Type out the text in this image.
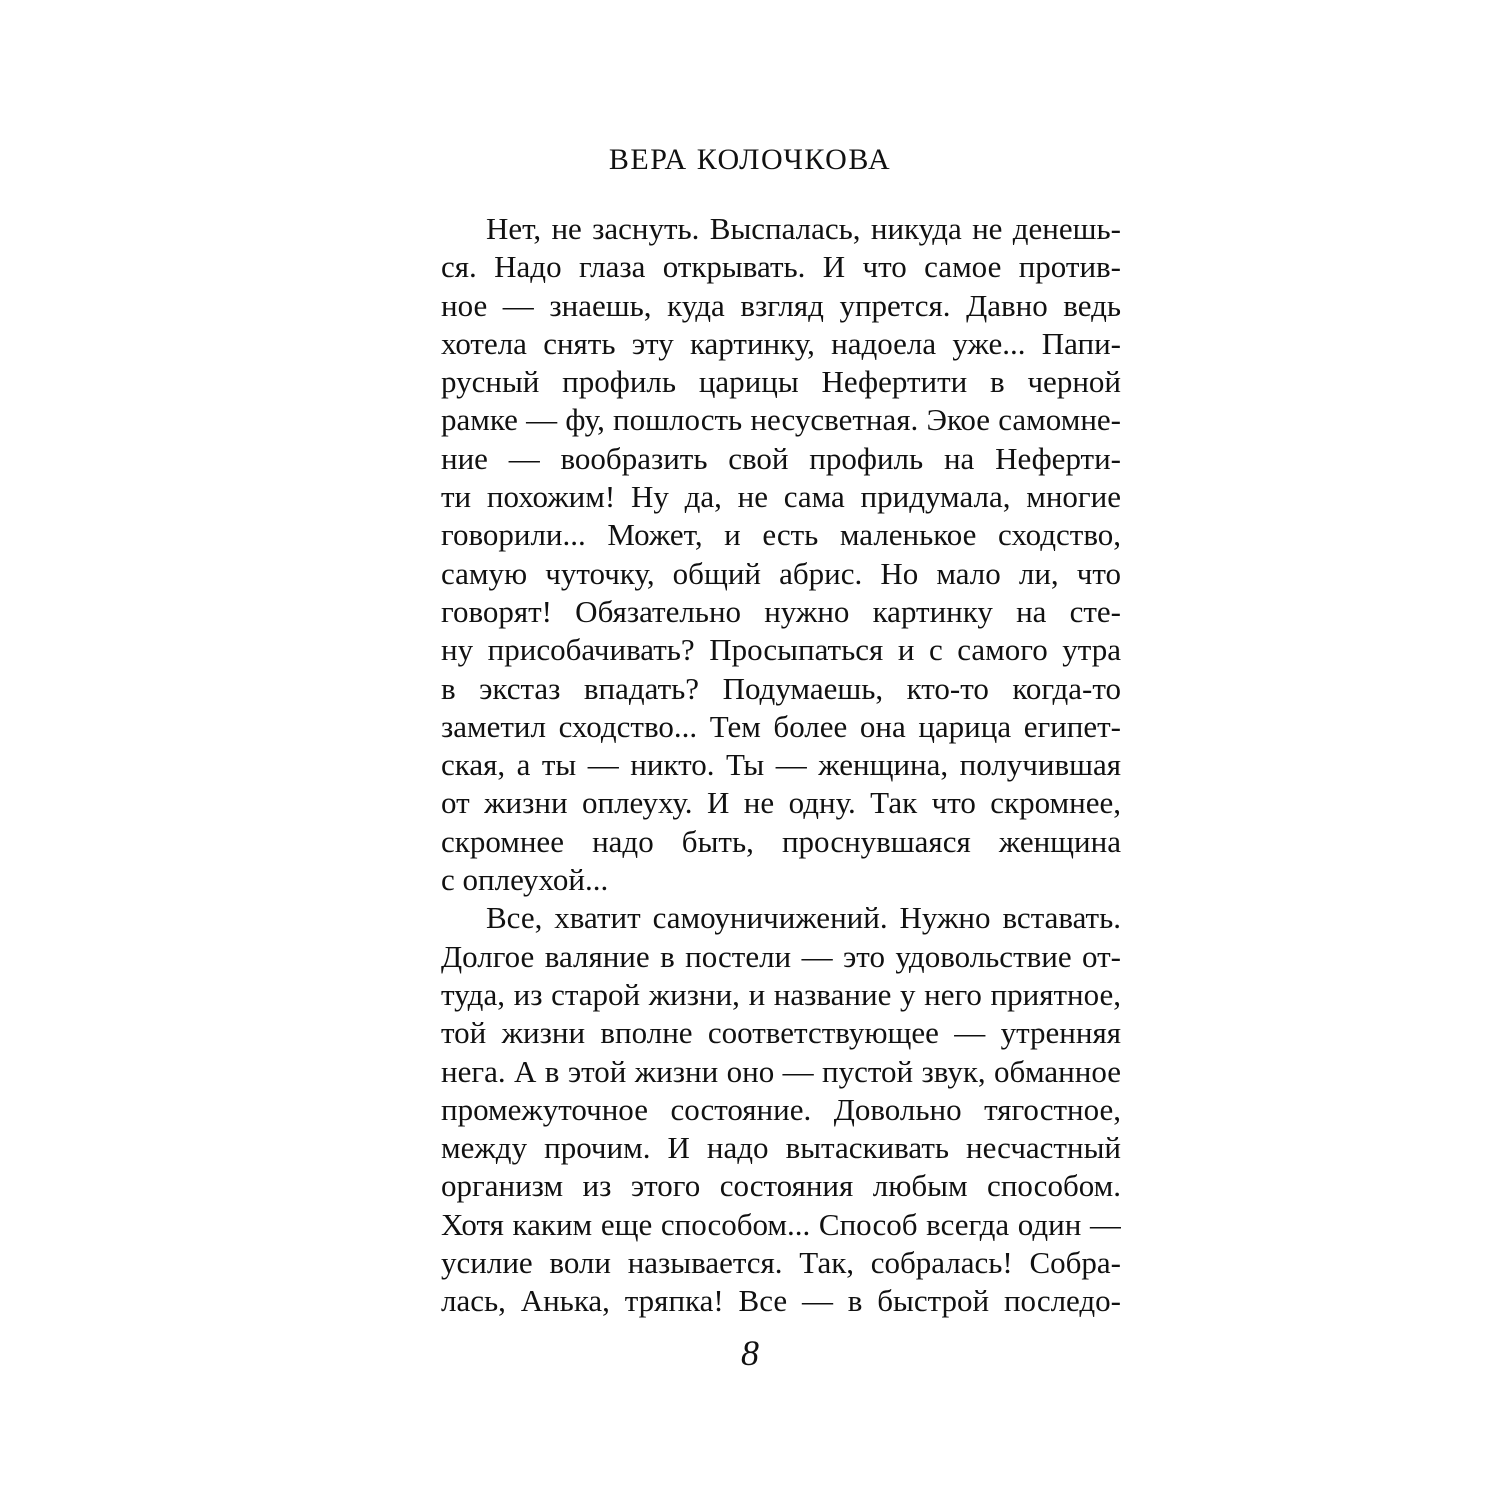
ВЕРА КОЛОЧКОВА
Нет, не заснуть. Выспалась, никуда не денешь-
ся. Надо глаза открывать. И что самое против-
ное — знаешь, куда взгляд упрется. Давно ведь
хотела снять эту картинку, надоела уже... Папи-
русный профиль царицы Нефертити в черной
рамке — фу, пошлость несусветная. Экое самомне-
ние — вообразить свой профиль на Неферти-
ти похожим! Ну да, не сама придумала, многие
говорили... Может, и есть маленькое сходство,
самую чуточку, общий абрис. Но мало ли, что
говорят! Обязательно нужно картинку на сте-
ну присобачивать? Просыпаться и с самого утра
в экстаз впадать? Подумаешь, кто-то когда-то
заметил сходство... Тем более она царица египет-
ская, а ты — никто. Ты — женщина, получившая
от жизни оплеуху. И не одну. Так что скромнее,
скромнее надо быть, проснувшаяся женщина
с оплеухой...
Все, хватит самоуничижений. Нужно вставать.
Долгое валяние в постели — это удовольствие от-
туда, из старой жизни, и название у него приятное,
той жизни вполне соответствующее — утренняя
нега. А в этой жизни оно — пустой звук, обманное
промежуточное состояние. Довольно тягостное,
между прочим. И надо вытаскивать несчастный
организм из этого состояния любым способом.
Хотя каким еще способом... Способ всегда один —
усилие воли называется. Так, собралась! Собра-
лась, Анька, тряпка! Все — в быстрой последо-
8
